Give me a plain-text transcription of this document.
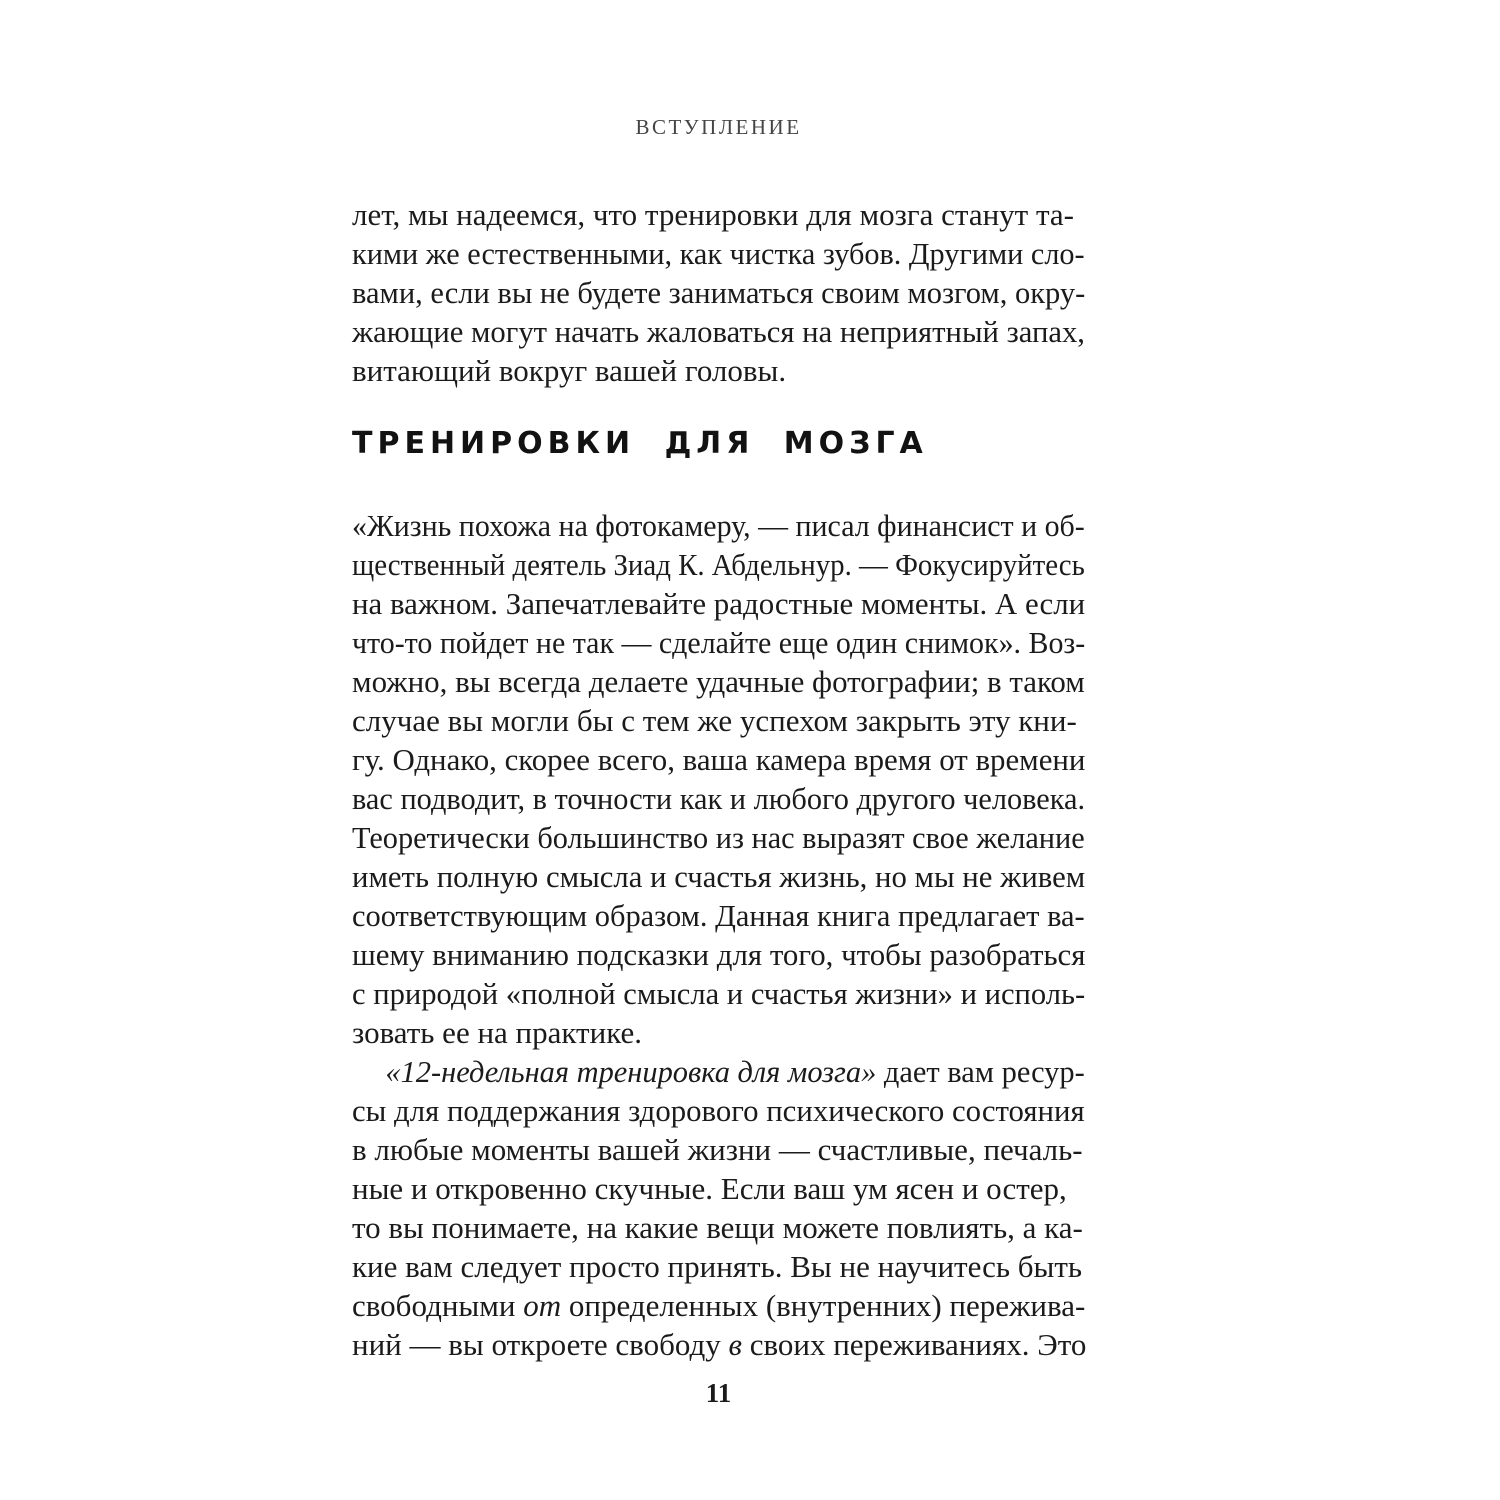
ВСТУПЛЕНИЕ
лет, мы надеемся, что тренировки для мозга станут та-
кими же естественными, как чистка зубов. Другими сло-
вами, если вы не будете заниматься своим мозгом, окру-
жающие могут начать жаловаться на неприятный запах,
витающий вокруг вашей головы.
ТРЕНИРОВКИ ДЛЯ МОЗГА
«Жизнь похожа на фотокамеру, — писал финансист и об-
щественный деятель Зиад К. Абдельнур. — Фокусируйтесь
на важном. Запечатлевайте радостные моменты. А если
что-то пойдет не так — сделайте еще один снимок». Воз-
можно, вы всегда делаете удачные фотографии; в таком
случае вы могли бы с тем же успехом закрыть эту кни-
гу. Однако, скорее всего, ваша камера время от времени
вас подводит, в точности как и любого другого человека.
Теоретически большинство из нас выразят свое желание
иметь полную смысла и счастья жизнь, но мы не живем
соответствующим образом. Данная книга предлагает ва-
шему вниманию подсказки для того, чтобы разобраться
с природой «полной смысла и счастья жизни» и исполь-
зовать ее на практике.
«12-недельная тренировка для мозга» дает вам ресур-
сы для поддержания здорового психического состояния
в любые моменты вашей жизни — счастливые, печаль-
ные и откровенно скучные. Если ваш ум ясен и остер,
то вы понимаете, на какие вещи можете повлиять, а ка-
кие вам следует просто принять. Вы не научитесь быть
свободными от определенных (внутренних) пережива-
ний — вы откроете свободу в своих переживаниях. Это
11
